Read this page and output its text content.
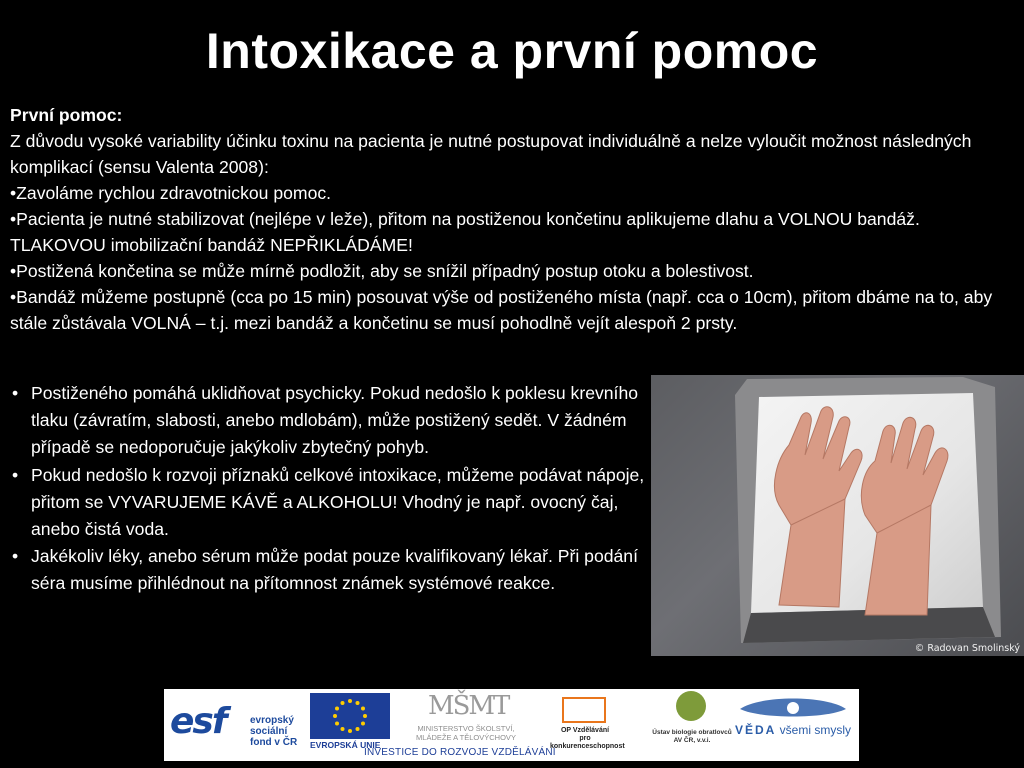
Intoxikace a první pomoc

První pomoc:

Z důvodu vysoké variability účinku toxinu na pacienta je nutné postupovat individuálně a nelze vyloučit možnost následných komplikací (sensu Valenta 2008):

•Zavoláme rychlou zdravotnickou pomoc.

•Pacienta je nutné stabilizovat (nejlépe v leže), přitom na postiženou končetinu aplikujeme dlahu a VOLNOU bandáž. TLAKOVOU imobilizační bandáž NEPŘIKLÁDÁME!

•Postižená končetina se může mírně podložit, aby se snížil případný postup otoku a bolestivost.

•Bandáž můžeme postupně (cca po 15 min) posouvat výše od postiženého místa (např. cca o 10cm), přitom dbáme na to, aby stále zůstávala VOLNÁ – t.j. mezi bandáž a končetinu se musí pohodlně vejít alespoň 2 prsty.

• Postiženého pomáhá uklidňovat psychicky. Pokud nedošlo k poklesu krevního tlaku (závratím, slabosti, anebo mdlobám), může postižený sedět. V žádném případě se nedoporučuje jakýkoliv zbytečný pohyb.
• Pokud nedošlo k rozvoji příznaků celkové intoxikace, můžeme podávat nápoje, přitom se VYVARUJEME KÁVĚ a ALKOHOLU! Vhodný je např. ovocný čaj, anebo čistá voda.
• Jakékoliv léky, anebo sérum může podat pouze kvalifikovaný lékař. Při podání séra musíme přihlédnout na přítomnost známek systémové reakce.
© Radovan Smolinský
esf evropský
sociální
fond v ČR EVROPSKÁ UNIE
MŠMT
MINISTERSTVO ŠKOLSTVÍ,
MLÁDEŽE A TĚLOVÝCHOVY
INVESTICE DO ROZVOJE VZDĚLÁVÁNÍ
OP Vzdělávání
pro konkurenceschopnost
Ústav biologie obratlovců
AV ČR, v.v.i.
VĚDA všemi smysly
